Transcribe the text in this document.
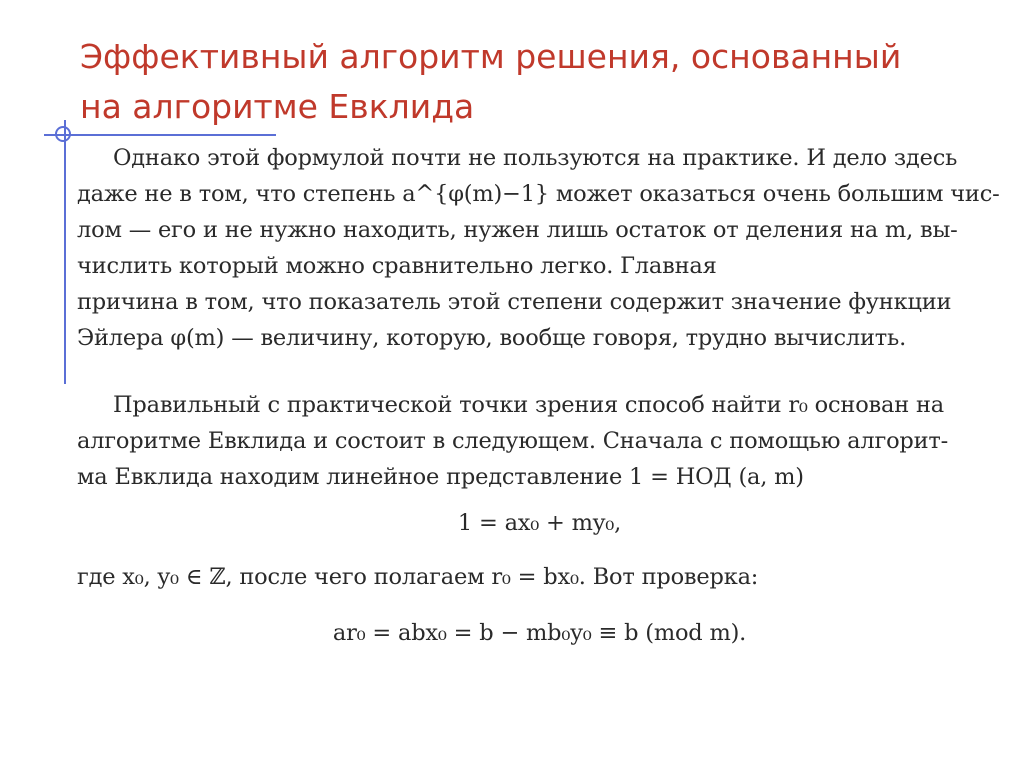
Эффективный алгоритм решения, основанный
на алгоритме Евклида
Однако этой формулой почти не пользуются на практике. И дело здесь
даже не в том, что степень a^{φ(m)−1} может оказаться очень большим чис-
лом — его и не нужно находить, нужен лишь остаток от деления на m, вы-
числить который можно сравнительно легко. Главная
причина в том, что показатель этой степени содержит значение функции
Эйлера φ(m) — величину, которую, вообще говоря, трудно вычислить.
Правильный с практической точки зрения способ найти r₀ основан на
алгоритме Евклида и состоит в следующем. Сначала с помощью алгорит-
ма Евклида находим линейное представление 1 = НОД (a, m)
1 = ax₀ + my₀,
где x₀, y₀ ∈ ℤ, после чего полагаем r₀ = bx₀. Вот проверка:
ar₀ = abx₀ = b − mb₀y₀ ≡ b (mod m).
